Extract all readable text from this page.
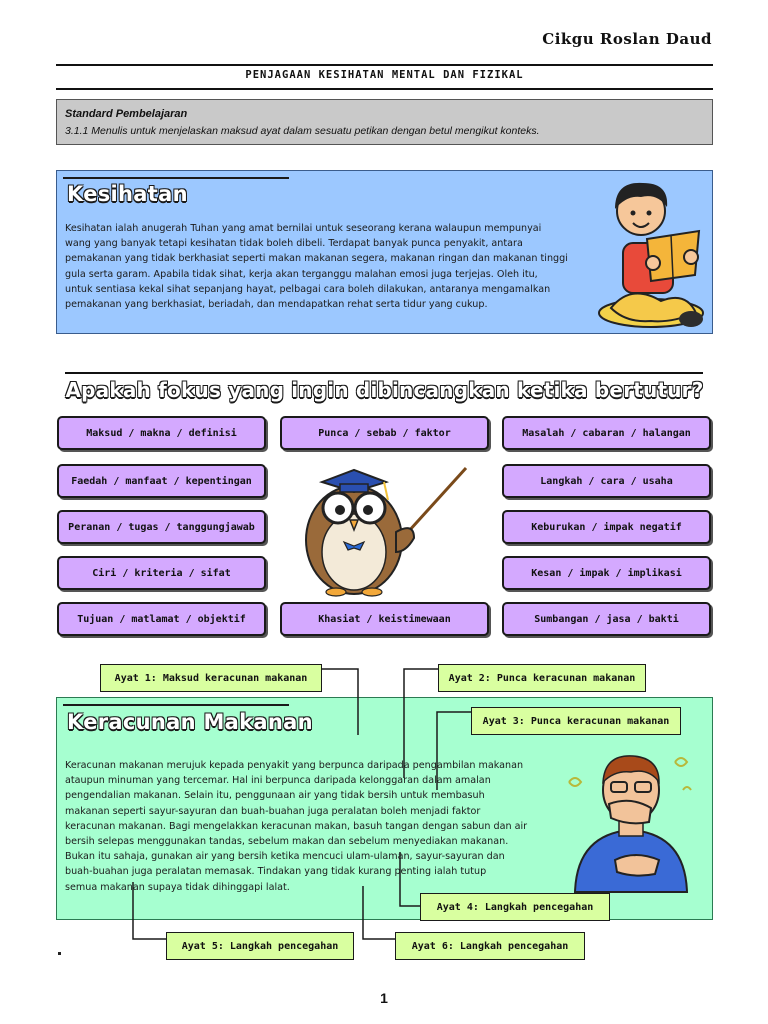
Cikgu Roslan Daud
PENJAGAAN KESIHATAN MENTAL DAN FIZIKAL
Standard Pembelajaran
3.1.1 Menulis untuk menjelaskan maksud ayat dalam sesuatu petikan dengan betul mengikut konteks.
Kesihatan
Kesihatan ialah anugerah Tuhan yang amat bernilai untuk seseorang kerana walaupun mempunyai
wang yang banyak tetapi kesihatan tidak boleh dibeli. Terdapat banyak punca penyakit, antara
pemakanan yang tidak berkhasiat seperti makan makanan segera, makanan ringan dan makanan tinggi
gula serta garam. Apabila tidak sihat, kerja akan terganggu malahan emosi juga terjejas. Oleh itu,
untuk sentiasa kekal sihat sepanjang hayat, pelbagai cara boleh dilakukan, antaranya mengamalkan
pemakanan yang berkhasiat, beriadah, dan mendapatkan rehat serta tidur yang cukup.
Apakah fokus yang ingin dibincangkan ketika bertutur?
Maksud / makna / definisi
Faedah / manfaat / kepentingan
Peranan / tugas / tanggungjawab
Ciri / kriteria / sifat
Tujuan / matlamat / objektif
Punca / sebab / faktor
Khasiat / keistimewaan
Masalah / cabaran / halangan
Langkah / cara / usaha
Keburukan / impak negatif
Kesan / impak / implikasi
Sumbangan / jasa / bakti
Keracunan Makanan
Keracunan makanan merujuk kepada penyakit yang berpunca daripada pengambilan makanan
ataupun minuman yang tercemar. Hal ini berpunca daripada kelonggaran dalam amalan
pengendalian makanan. Selain itu, penggunaan air yang tidak bersih untuk membasuh
makanan seperti sayur-sayuran dan buah-buahan juga peralatan boleh menjadi faktor
keracunan makanan. Bagi mengelakkan keracunan makan, basuh tangan dengan sabun dan air
bersih selepas menggunakan tandas, sebelum makan dan sebelum menyediakan makanan.
Bukan itu sahaja, gunakan air yang bersih ketika mencuci ulam-ulaman, sayur-sayuran dan
buah-buahan juga peralatan memasak. Tindakan yang tidak kurang penting ialah tutup
semua makanan supaya tidak dihinggapi lalat.
Ayat 1: Maksud keracunan makanan	Ayat 2: Punca keracunan makanan
Ayat 3: Punca keracunan makanan
Ayat 4: Langkah pencegahan
Ayat 5: Langkah pencegahan	Ayat 6: Langkah pencegahan
1
